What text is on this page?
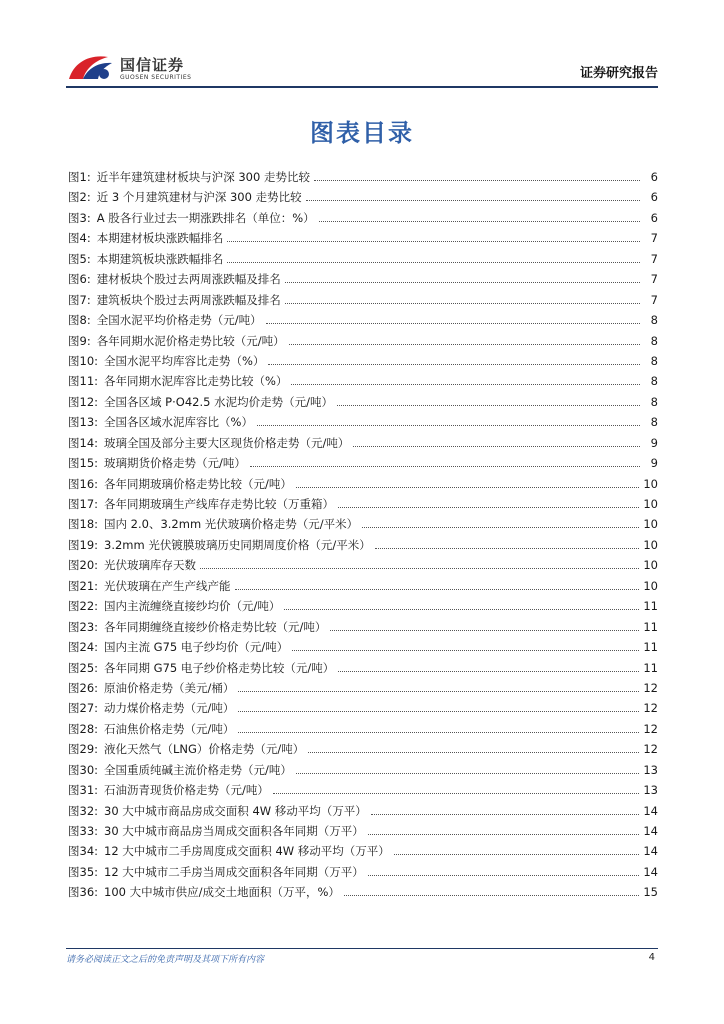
国信证券
GUOSEN SECURITIES	证券研究报告
图表目录
图1: 近半年建筑建材板块与沪深 300 走势比较	6
图2: 近 3 个月建筑建材与沪深 300 走势比较	6
图3: A 股各行业过去一期涨跌排名（单位：%）	6
图4: 本期建材板块涨跌幅排名	7
图5: 本期建筑板块涨跌幅排名	7
图6: 建材板块个股过去两周涨跌幅及排名	7
图7: 建筑板块个股过去两周涨跌幅及排名	7
图8: 全国水泥平均价格走势（元/吨）	8
图9: 各年同期水泥价格走势比较（元/吨）	8
图10: 全国水泥平均库容比走势（%）	8
图11: 各年同期水泥库容比走势比较（%）	8
图12: 全国各区域 P·O42.5 水泥均价走势（元/吨）	8
图13: 全国各区域水泥库容比（%）	8
图14: 玻璃全国及部分主要大区现货价格走势（元/吨）	9
图15: 玻璃期货价格走势（元/吨）	9
图16: 各年同期玻璃价格走势比较（元/吨）	10
图17: 各年同期玻璃生产线库存走势比较（万重箱）	10
图18: 国内 2.0、3.2mm 光伏玻璃价格走势（元/平米）	10
图19: 3.2mm 光伏镀膜玻璃历史同期周度价格（元/平米）	10
图20: 光伏玻璃库存天数	10
图21: 光伏玻璃在产生产线产能	10
图22: 国内主流缠绕直接纱均价（元/吨）	11
图23: 各年同期缠绕直接纱价格走势比较（元/吨）	11
图24: 国内主流 G75 电子纱均价（元/吨）	11
图25: 各年同期 G75 电子纱价格走势比较（元/吨）	11
图26: 原油价格走势（美元/桶）	12
图27: 动力煤价格走势（元/吨）	12
图28: 石油焦价格走势（元/吨）	12
图29: 液化天然气（LNG）价格走势（元/吨）	12
图30: 全国重质纯碱主流价格走势（元/吨）	13
图31: 石油沥青现货价格走势（元/吨）	13
图32: 30 大中城市商品房成交面积 4W 移动平均（万平）	14
图33: 30 大中城市商品房当周成交面积各年同期（万平）	14
图34: 12 大中城市二手房周度成交面积 4W 移动平均（万平）	14
图35: 12 大中城市二手房当周成交面积各年同期（万平）	14
图36: 100 大中城市供应/成交土地面积（万平，%）	15
请务必阅读正文之后的免责声明及其项下所有内容	4
